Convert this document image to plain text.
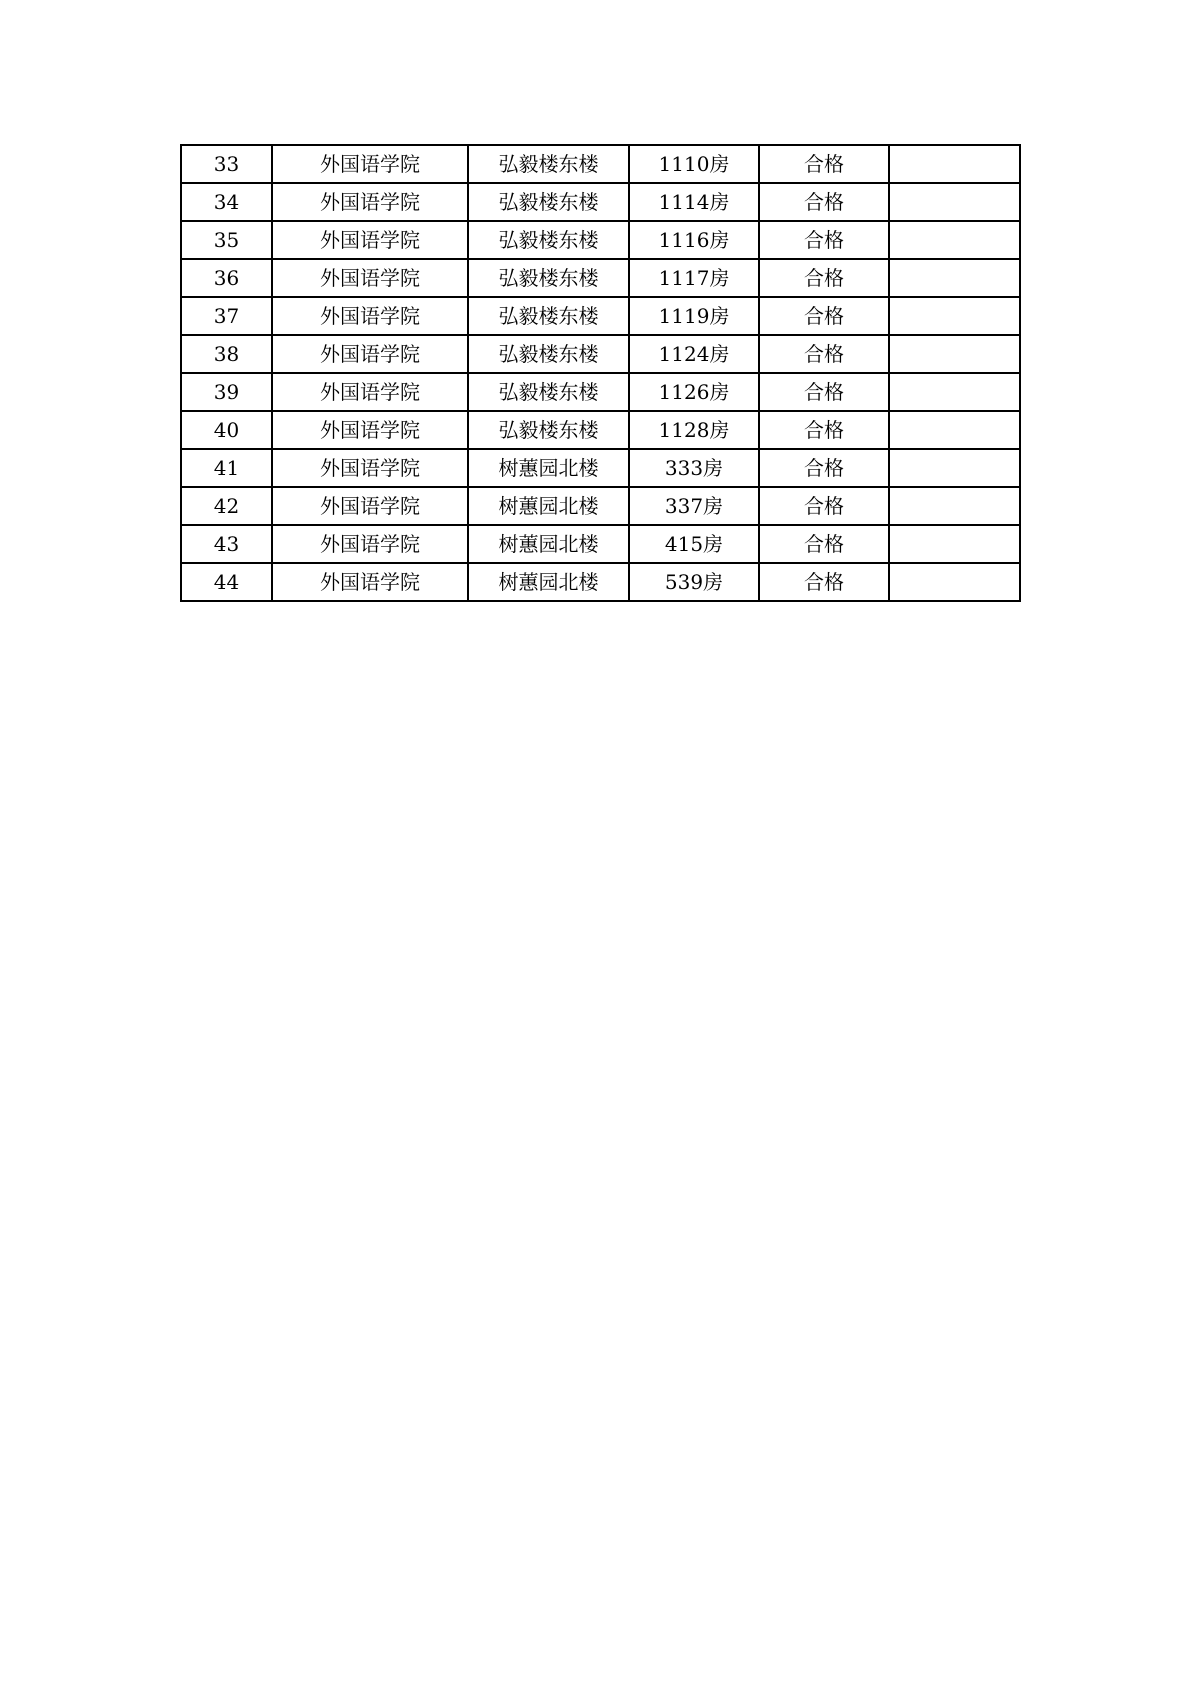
33	外国语学院	弘毅楼东楼	1110房	合格	
34	外国语学院	弘毅楼东楼	1114房	合格	
35	外国语学院	弘毅楼东楼	1116房	合格	
36	外国语学院	弘毅楼东楼	1117房	合格	
37	外国语学院	弘毅楼东楼	1119房	合格	
38	外国语学院	弘毅楼东楼	1124房	合格	
39	外国语学院	弘毅楼东楼	1126房	合格	
40	外国语学院	弘毅楼东楼	1128房	合格	
41	外国语学院	树蕙园北楼	333房	合格	
42	外国语学院	树蕙园北楼	337房	合格	
43	外国语学院	树蕙园北楼	415房	合格	
44	外国语学院	树蕙园北楼	539房	合格	
